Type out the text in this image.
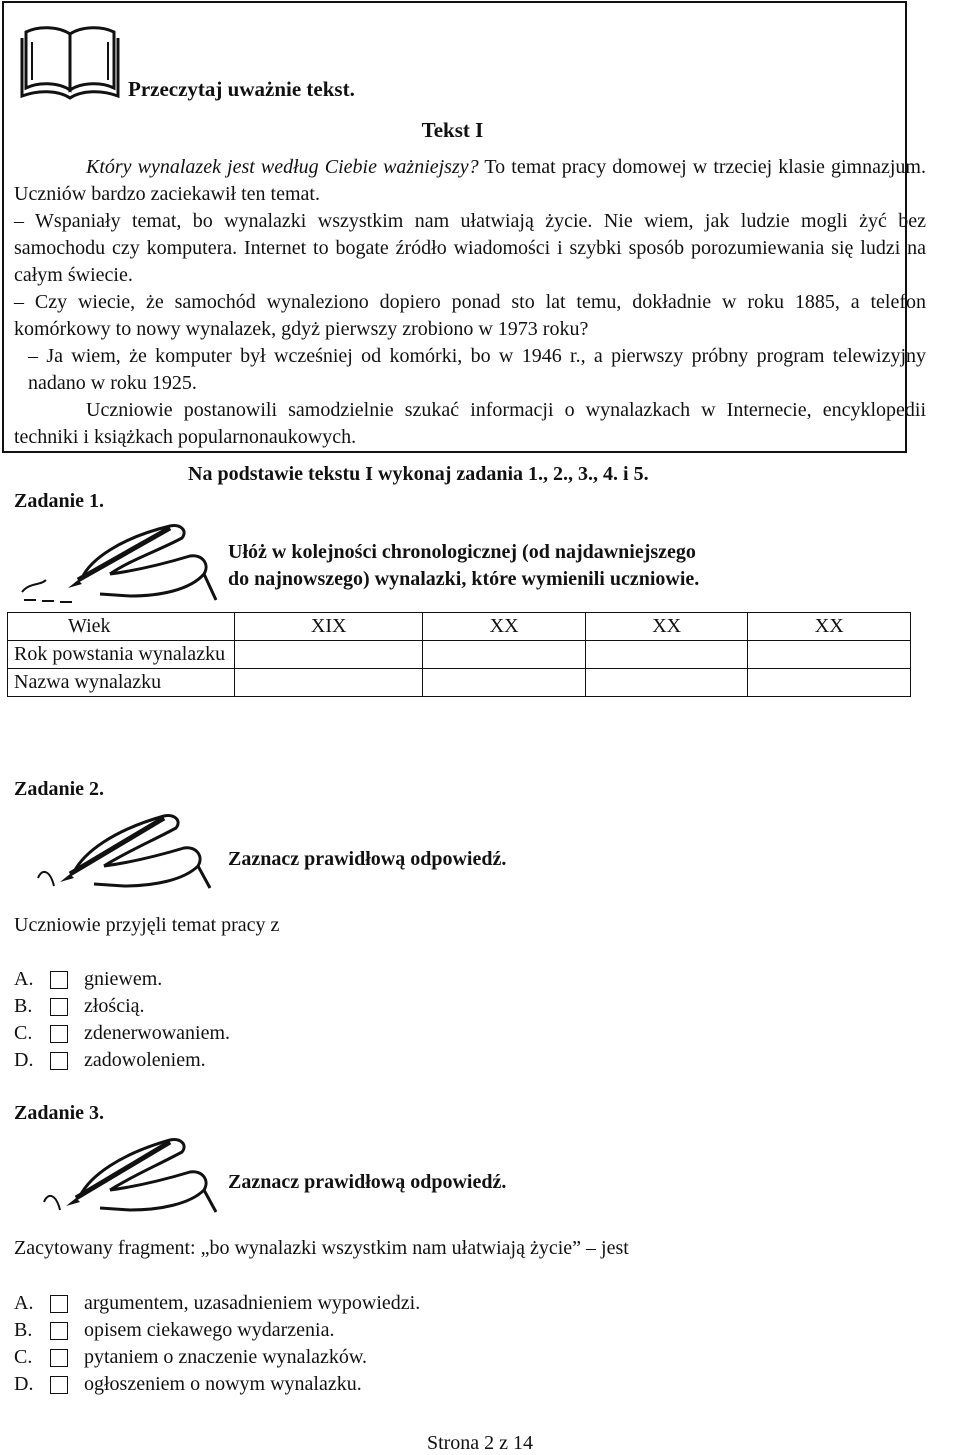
Przeczytaj uważnie tekst.
Tekst I

Który wynalazek jest według Ciebie ważniejszy? To temat pracy domowej w trzeciej klasie gimnazjum. Uczniów bardzo zaciekawił ten temat.

– Wspaniały temat, bo wynalazki wszystkim nam ułatwiają życie. Nie wiem, jak ludzie mogli żyć bez samochodu czy komputera. Internet to bogate źródło wiadomości i szybki sposób porozumiewania się ludzi na całym świecie.

– Czy wiecie, że samochód wynaleziono dopiero ponad sto lat temu, dokładnie w roku 1885, a telefon komórkowy to nowy wynalazek, gdyż pierwszy zrobiono w 1973 roku?

– Ja wiem, że komputer był wcześniej od komórki, bo w 1946 r., a pierwszy próbny program telewizyjny nadano w roku 1925.

Uczniowie postanowili samodzielnie szukać informacji o wynalazkach w Internecie, encyklopedii techniki i książkach popularnonaukowych.

Na podstawie tekstu I wykonaj zadania 1., 2., 3., 4. i 5.
Zadanie 1.
Ułóż w kolejności chronologicznej (od najdawniejszego
do najnowszego) wynalazki, które wymienili uczniowie.
Wiek	XIX	XX	XX	XX
Rok powstania wynalazku				
Nazwa wynalazku				
Zadanie 2.
Zaznacz prawidłową odpowiedź.
Uczniowie przyjęli temat pracy z
A.	gniewem.
B.	złością.
C.	zdenerwowaniem.
D.	zadowoleniem.
Zadanie 3.
Zaznacz prawidłową odpowiedź.
Zacytowany fragment: „bo wynalazki wszystkim nam ułatwiają życie” – jest
A.	argumentem, uzasadnieniem wypowiedzi.
B.	opisem ciekawego wydarzenia.
C.	pytaniem o znaczenie wynalazków.
D.	ogłoszeniem o nowym wynalazku.
Strona 2 z 14
